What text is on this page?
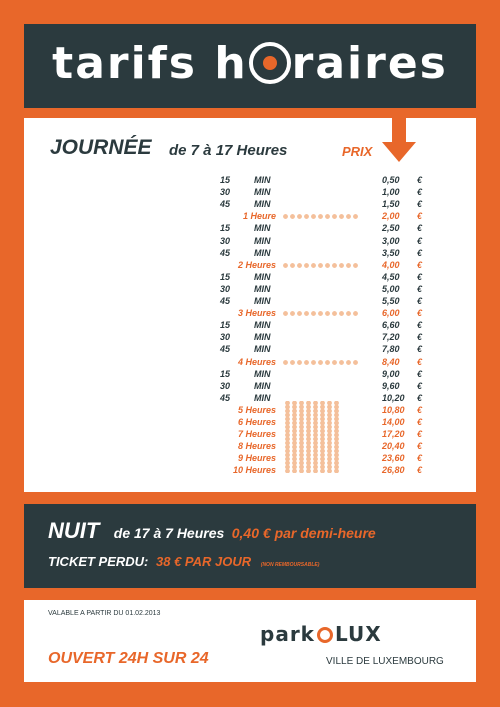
tarifs h raires
JOURNÉE de 7 à 17 Heures	PRIX
15	MIN	0,50	€
30	MIN	1,00	€
45	MIN	1,50	€
1 Heure	2,00	€
15	MIN	2,50	€
30	MIN	3,00	€
45	MIN	3,50	€
2 Heures	4,00	€
15	MIN	4,50	€
30	MIN	5,00	€
45	MIN	5,50	€
3 Heures	6,00	€
15	MIN	6,60	€
30	MIN	7,20	€
45	MIN	7,80	€
4 Heures	8,40	€
15	MIN	9,00	€
30	MIN	9,60	€
45	MIN	10,20	€
5 Heures	10,80	€
6 Heures	14,00	€
7 Heures	17,20	€
8 Heures	20,40	€
9 Heures	23,60	€
10 Heures	26,80	€
NUIT de 17 à 7 Heures 0,40 € par demi-heure
TICKET PERDU: 38 € PAR JOUR (NON REMBOURSABLE)
VALABLE A PARTIR DU 01.02.2013
OUVERT 24H SUR 24
park LUX
VILLE DE LUXEMBOURG
